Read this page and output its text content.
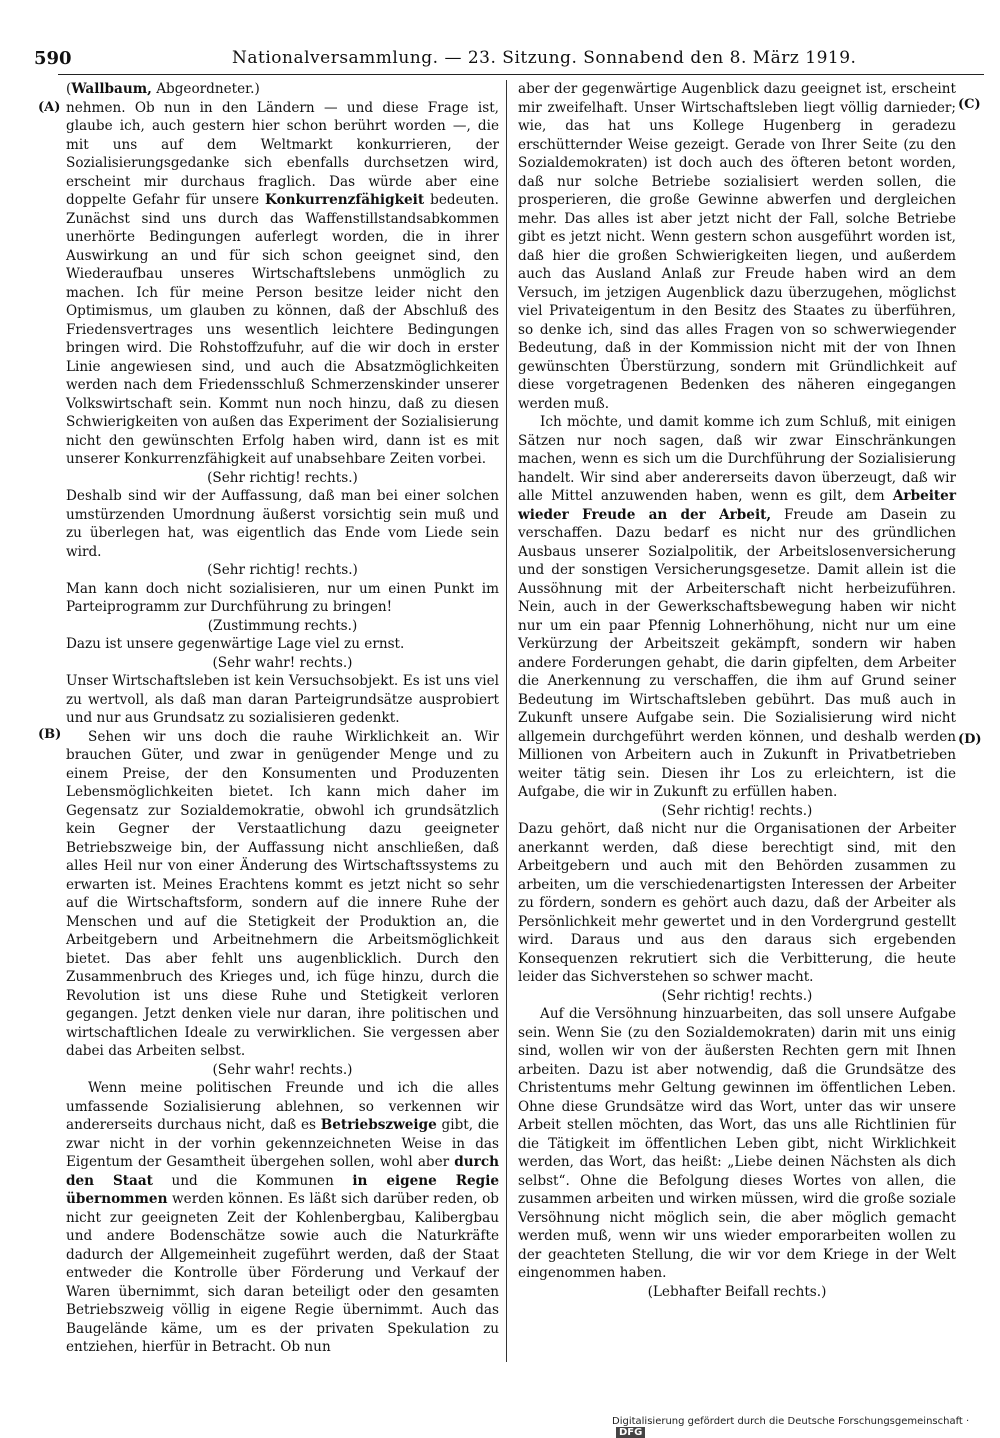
590	Nationalversammlung. — 23. Sitzung. Sonnabend den 8. März 1919.
(A)
(B)
(C)
(D)

(Wallbaum, Abgeordneter.)

nehmen. Ob nun in den Ländern — und diese Frage ist, glaube ich, auch gestern hier schon berührt worden —, die mit uns auf dem Weltmarkt konkurrieren, der Sozialisierungsgedanke sich ebenfalls durchsetzen wird, erscheint mir durchaus fraglich. Das würde aber eine doppelte Gefahr für unsere Konkurrenzfähigkeit bedeuten. Zunächst sind uns durch das Waffenstillstandsabkommen unerhörte Bedingungen auferlegt worden, die in ihrer Auswirkung an und für sich schon geeignet sind, den Wiederaufbau unseres Wirtschaftslebens unmöglich zu machen. Ich für meine Person besitze leider nicht den Optimismus, um glauben zu können, daß der Abschluß des Friedensvertrages uns wesentlich leichtere Bedingungen bringen wird. Die Rohstoffzufuhr, auf die wir doch in erster Linie angewiesen sind, und auch die Absatzmöglichkeiten werden nach dem Friedensschluß Schmerzenskinder unserer Volkswirtschaft sein. Kommt nun noch hinzu, daß zu diesen Schwierigkeiten von außen das Experiment der Sozialisierung nicht den gewünschten Erfolg haben wird, dann ist es mit unserer Konkurrenzfähigkeit auf unabsehbare Zeiten vorbei.

(Sehr richtig! rechts.)

Deshalb sind wir der Auffassung, daß man bei einer solchen umstürzenden Umordnung äußerst vorsichtig sein muß und zu überlegen hat, was eigentlich das Ende vom Liede sein wird.

(Sehr richtig! rechts.)

Man kann doch nicht sozialisieren, nur um einen Punkt im Parteiprogramm zur Durchführung zu bringen!

(Zustimmung rechts.)

Dazu ist unsere gegenwärtige Lage viel zu ernst.

(Sehr wahr! rechts.)

Unser Wirtschaftsleben ist kein Versuchsobjekt. Es ist uns viel zu wertvoll, als daß man daran Parteigrundsätze ausprobiert und nur aus Grundsatz zu sozialisieren gedenkt.

Sehen wir uns doch die rauhe Wirklichkeit an. Wir brauchen Güter, und zwar in genügender Menge und zu einem Preise, der den Konsumenten und Produzenten Lebensmöglichkeiten bietet. Ich kann mich daher im Gegensatz zur Sozialdemokratie, obwohl ich grundsätzlich kein Gegner der Verstaatlichung dazu geeigneter Betriebszweige bin, der Auffassung nicht anschließen, daß alles Heil nur von einer Änderung des Wirtschaftssystems zu erwarten ist. Meines Erachtens kommt es jetzt nicht so sehr auf die Wirtschaftsform, sondern auf die innere Ruhe der Menschen und auf die Stetigkeit der Produktion an, die Arbeitgebern und Arbeitnehmern die Arbeitsmöglichkeit bietet. Das aber fehlt uns augenblicklich. Durch den Zusammenbruch des Krieges und, ich füge hinzu, durch die Revolution ist uns diese Ruhe und Stetigkeit verloren gegangen. Jetzt denken viele nur daran, ihre politischen und wirtschaftlichen Ideale zu verwirklichen. Sie vergessen aber dabei das Arbeiten selbst.

(Sehr wahr! rechts.)

Wenn meine politischen Freunde und ich die alles umfassende Sozialisierung ablehnen, so verkennen wir andererseits durchaus nicht, daß es Betriebszweige gibt, die zwar nicht in der vorhin gekennzeichneten Weise in das Eigentum der Gesamtheit übergehen sollen, wohl aber durch den Staat und die Kommunen in eigene Regie übernommen werden können. Es läßt sich darüber reden, ob nicht zur geeigneten Zeit der Kohlenbergbau, Kalibergbau und andere Bodenschätze sowie auch die Naturkräfte dadurch der Allgemeinheit zugeführt werden, daß der Staat entweder die Kontrolle über Förderung und Verkauf der Waren übernimmt, sich daran beteiligt oder den gesamten Betriebszweig völlig in eigene Regie übernimmt. Auch das Baugelände käme, um es der privaten Spekulation zu entziehen, hierfür in Betracht. Ob nun

aber der gegenwärtige Augenblick dazu geeignet ist, erscheint mir zweifelhaft. Unser Wirtschaftsleben liegt völlig darnieder; wie, das hat uns Kollege Hugenberg in geradezu erschütternder Weise gezeigt. Gerade von Ihrer Seite (zu den Sozialdemokraten) ist doch auch des öfteren betont worden, daß nur solche Betriebe sozialisiert werden sollen, die prosperieren, die große Gewinne abwerfen und dergleichen mehr. Das alles ist aber jetzt nicht der Fall, solche Betriebe gibt es jetzt nicht. Wenn gestern schon ausgeführt worden ist, daß hier die großen Schwierigkeiten liegen, und außerdem auch das Ausland Anlaß zur Freude haben wird an dem Versuch, im jetzigen Augenblick dazu überzugehen, möglichst viel Privateigentum in den Besitz des Staates zu überführen, so denke ich, sind das alles Fragen von so schwerwiegender Bedeutung, daß in der Kommission nicht mit der von Ihnen gewünschten Überstürzung, sondern mit Gründlichkeit auf diese vorgetragenen Bedenken des näheren eingegangen werden muß.

Ich möchte, und damit komme ich zum Schluß, mit einigen Sätzen nur noch sagen, daß wir zwar Einschränkungen machen, wenn es sich um die Durchführung der Sozialisierung handelt. Wir sind aber andererseits davon überzeugt, daß wir alle Mittel anzuwenden haben, wenn es gilt, dem Arbeiter wieder Freude an der Arbeit, Freude am Dasein zu verschaffen. Dazu bedarf es nicht nur des gründlichen Ausbaus unserer Sozialpolitik, der Arbeitslosenversicherung und der sonstigen Versicherungsgesetze. Damit allein ist die Aussöhnung mit der Arbeiterschaft nicht herbeizuführen. Nein, auch in der Gewerkschaftsbewegung haben wir nicht nur um ein paar Pfennig Lohnerhöhung, nicht nur um eine Verkürzung der Arbeitszeit gekämpft, sondern wir haben andere Forderungen gehabt, die darin gipfelten, dem Arbeiter die Anerkennung zu verschaffen, die ihm auf Grund seiner Bedeutung im Wirtschaftsleben gebührt. Das muß auch in Zukunft unsere Aufgabe sein. Die Sozialisierung wird nicht allgemein durchgeführt werden können, und deshalb werden Millionen von Arbeitern auch in Zukunft in Privatbetrieben weiter tätig sein. Diesen ihr Los zu erleichtern, ist die Aufgabe, die wir in Zukunft zu erfüllen haben.

(Sehr richtig! rechts.)

Dazu gehört, daß nicht nur die Organisationen der Arbeiter anerkannt werden, daß diese berechtigt sind, mit den Arbeitgebern und auch mit den Behörden zusammen zu arbeiten, um die verschiedenartigsten Interessen der Arbeiter zu fördern, sondern es gehört auch dazu, daß der Arbeiter als Persönlichkeit mehr gewertet und in den Vordergrund gestellt wird. Daraus und aus den daraus sich ergebenden Konsequenzen rekrutiert sich die Verbitterung, die heute leider das Sichverstehen so schwer macht.

(Sehr richtig! rechts.)

Auf die Versöhnung hinzuarbeiten, das soll unsere Aufgabe sein. Wenn Sie (zu den Sozialdemokraten) darin mit uns einig sind, wollen wir von der äußersten Rechten gern mit Ihnen arbeiten. Dazu ist aber notwendig, daß die Grundsätze des Christentums mehr Geltung gewinnen im öffentlichen Leben. Ohne diese Grundsätze wird das Wort, unter das wir unsere Arbeit stellen möchten, das Wort, das uns alle Richtlinien für die Tätigkeit im öffentlichen Leben gibt, nicht Wirklichkeit werden, das Wort, das heißt: „Liebe deinen Nächsten als dich selbst“. Ohne die Befolgung dieses Wortes von allen, die zusammen arbeiten und wirken müssen, wird die große soziale Versöhnung nicht möglich sein, die aber möglich gemacht werden muß, wenn wir uns wieder emporarbeiten wollen zu der geachteten Stellung, die wir vor dem Kriege in der Welt eingenommen haben.

(Lebhafter Beifall rechts.)

Digitalisierung gefördert durch die Deutsche Forschungsgemeinschaft ·DFG
